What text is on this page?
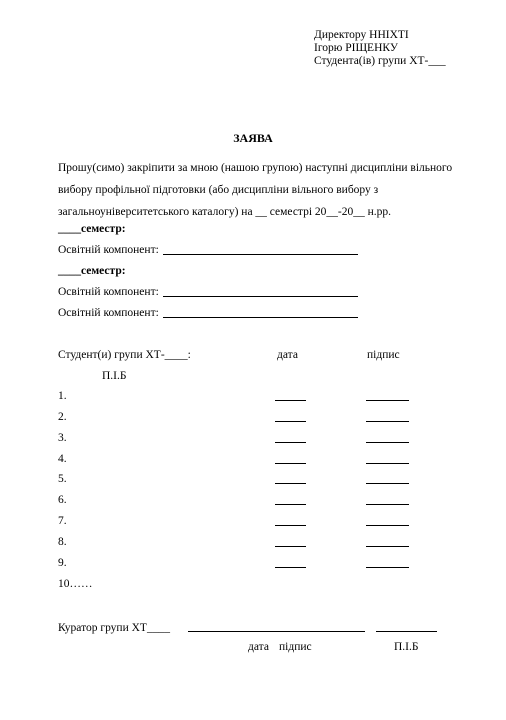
Директору ННІХТІ
Ігорю РІЩЕНКУ
Студента(ів) групи ХТ-___
ЗАЯВА
Прошу(симо) закріпити за мною (нашою групою) наступні дисципліни вільного
вибору профільної підготовки (або дисципліни вільного вибору з
загальноуніверситетського каталогу) на __ семестрі 20__-20__ н.рр.
____семестр:
Освітній компонент:
____семестр:
Освітній компонент:
Освітній компонент:
Студент(и) групи ХТ-____:	дата	підпис
П.І.Б
1.
2.
3.
4.
5.
6.
7.
8.
9.
10……
Куратор групи ХТ____
дата підпис	П.І.Б
